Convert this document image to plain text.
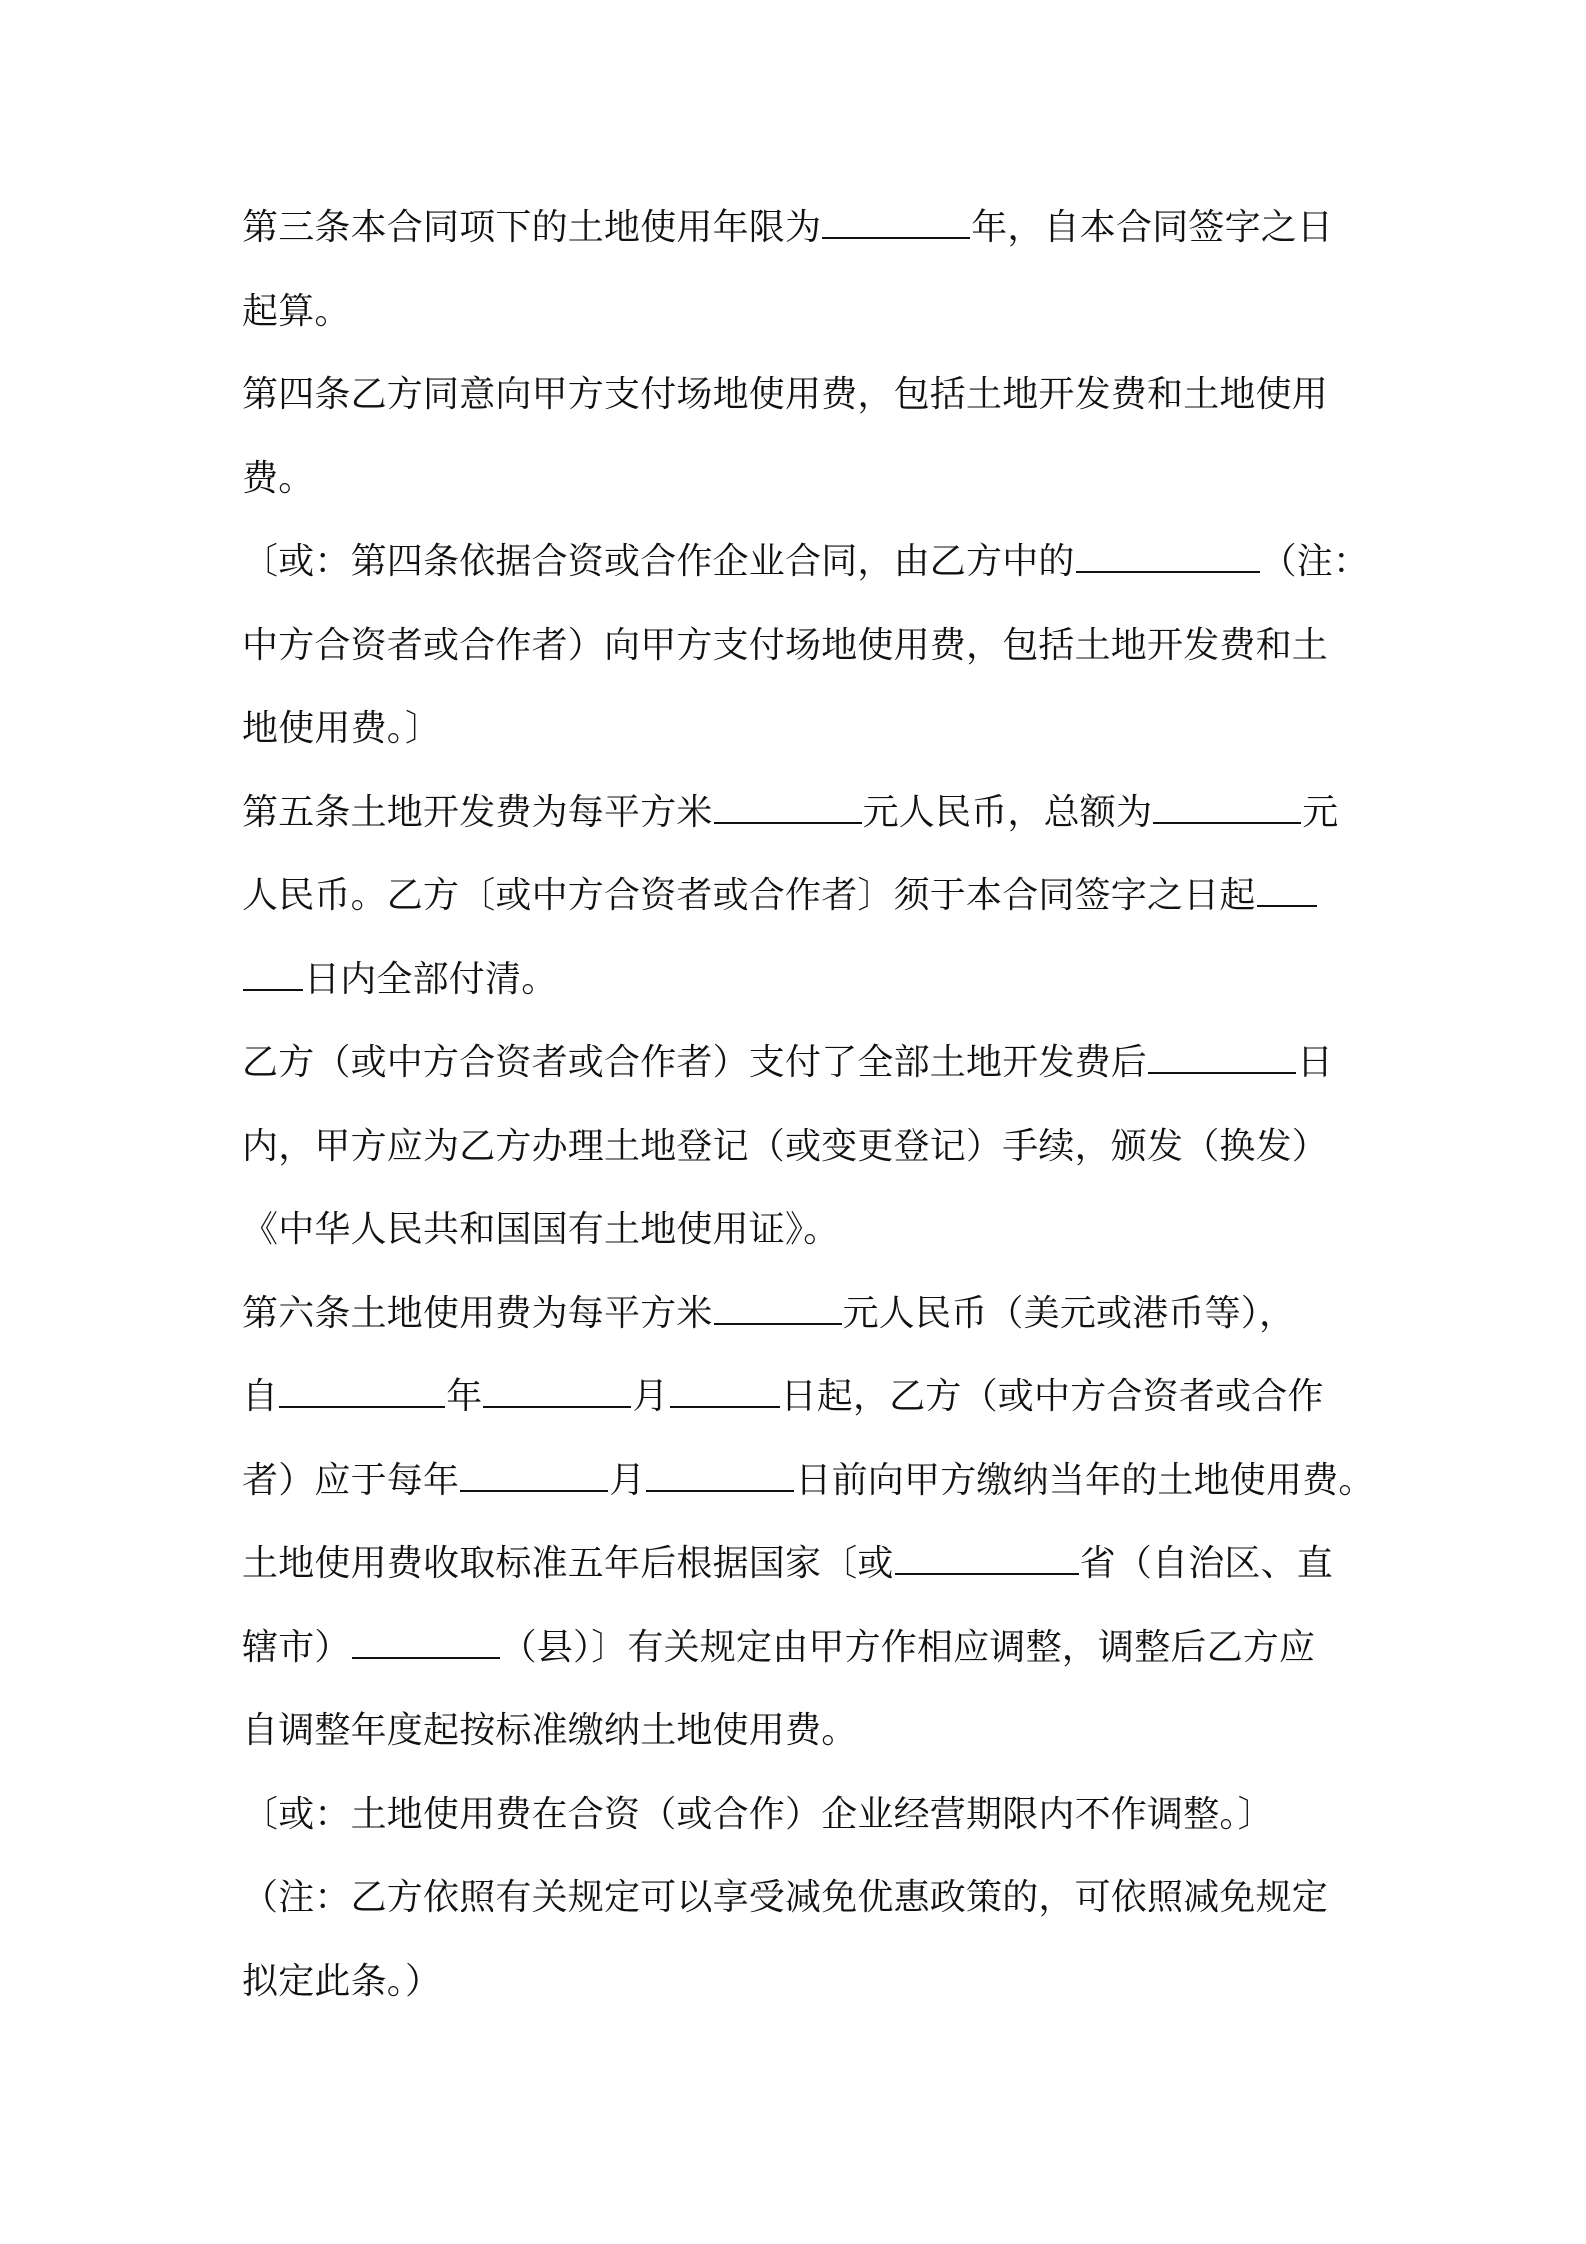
第三条本合同项下的土地使用年限为	年，自本合同签字之日
起算。
第四条乙方同意向甲方支付场地使用费，包括土地开发费和土地使用
费。
〔或：第四条依据合资或合作企业合同，由乙方中的	（注：
中方合资者或合作者）向甲方支付场地使用费，包括土地开发费和土
地使用费。〕
第五条土地开发费为每平方米	元人民币，总额为	元
人民币。乙方〔或中方合资者或合作者〕须于本合同签字之日起
日内全部付清。
乙方（或中方合资者或合作者）支付了全部土地开发费后	日
内，甲方应为乙方办理土地登记（或变更登记）手续，颁发（换发）
《中华人民共和国国有土地使用证》。
第六条土地使用费为每平方米	元人民币（美元或港币等），
自	年	月	日起，乙方（或中方合资者或合作
者）应于每年	月	日前向甲方缴纳当年的土地使用费。
土地使用费收取标准五年后根据国家〔或	省（自治区、直
辖市）	（县）〕有关规定由甲方作相应调整，调整后乙方应
自调整年度起按标准缴纳土地使用费。
〔或：土地使用费在合资（或合作）企业经营期限内不作调整。〕
（注：乙方依照有关规定可以享受减免优惠政策的，可依照减免规定
拟定此条。）
